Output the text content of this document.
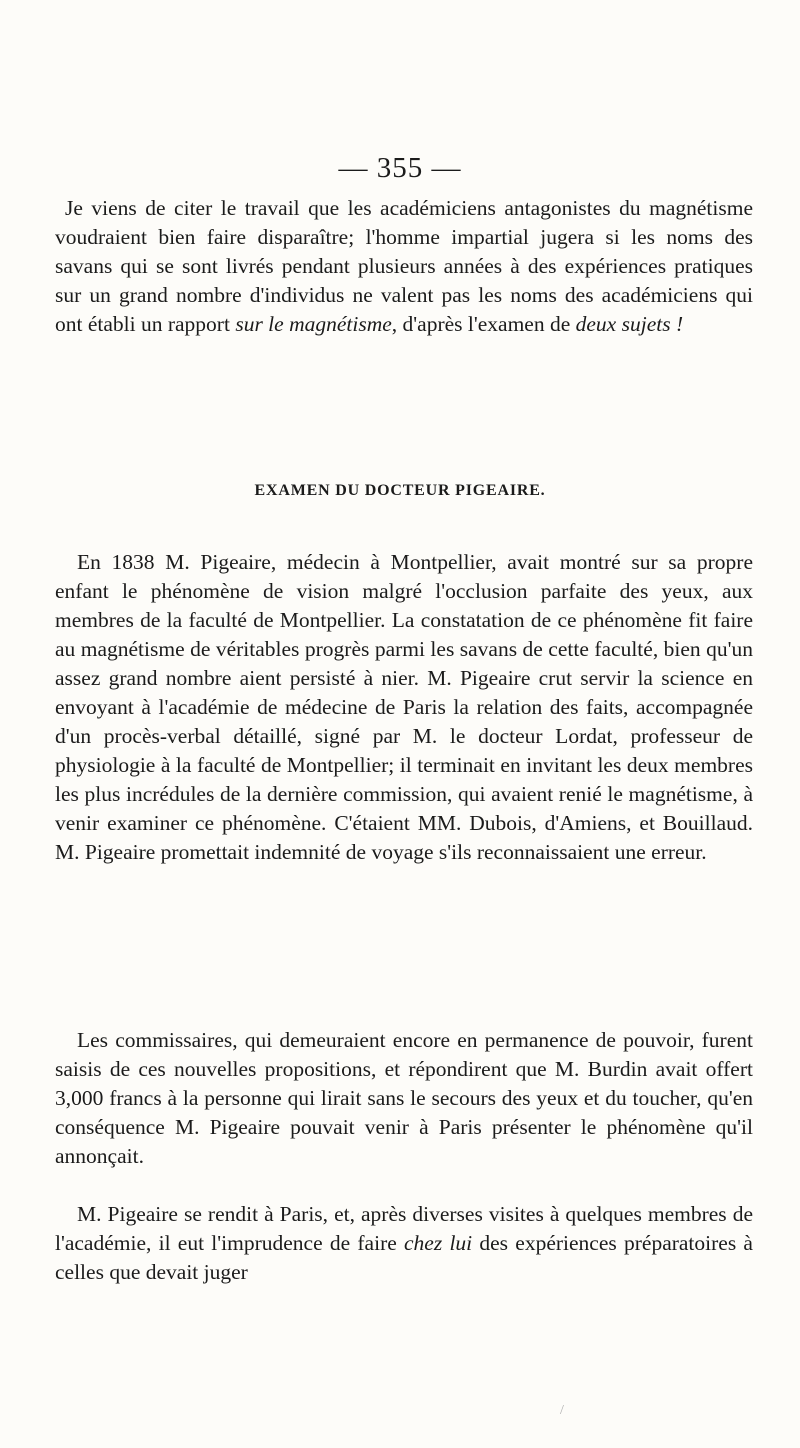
— 355 —

Je viens de citer le travail que les académiciens antagonistes du magnétisme voudraient bien faire disparaître; l'homme impartial jugera si les noms des savans qui se sont livrés pendant plusieurs années à des expériences pratiques sur un grand nombre d'individus ne valent pas les noms des académiciens qui ont établi un rapport sur le magnétisme, d'après l'examen de deux sujets !

EXAMEN DU DOCTEUR PIGEAIRE.

En 1838 M. Pigeaire, médecin à Montpellier, avait montré sur sa propre enfant le phénomène de vision malgré l'occlusion parfaite des yeux, aux membres de la faculté de Montpellier. La constatation de ce phénomène fit faire au magnétisme de véritables progrès parmi les savans de cette faculté, bien qu'un assez grand nombre aient persisté à nier. M. Pigeaire crut servir la science en envoyant à l'académie de médecine de Paris la relation des faits, accompagnée d'un procès-verbal détaillé, signé par M. le docteur Lordat, professeur de physiologie à la faculté de Montpellier; il terminait en invitant les deux membres les plus incrédules de la dernière commission, qui avaient renié le magnétisme, à venir examiner ce phénomène. C'étaient MM. Dubois, d'Amiens, et Bouillaud. M. Pigeaire promettait indemnité de voyage s'ils reconnaissaient une erreur.

Les commissaires, qui demeuraient encore en permanence de pouvoir, furent saisis de ces nouvelles propositions, et répondirent que M. Burdin avait offert 3,000 francs à la personne qui lirait sans le secours des yeux et du toucher, qu'en conséquence M. Pigeaire pouvait venir à Paris présenter le phénomène qu'il annonçait.

M. Pigeaire se rendit à Paris, et, après diverses visites à quelques membres de l'académie, il eut l'imprudence de faire chez lui des expériences préparatoires à celles que devait juger

/
